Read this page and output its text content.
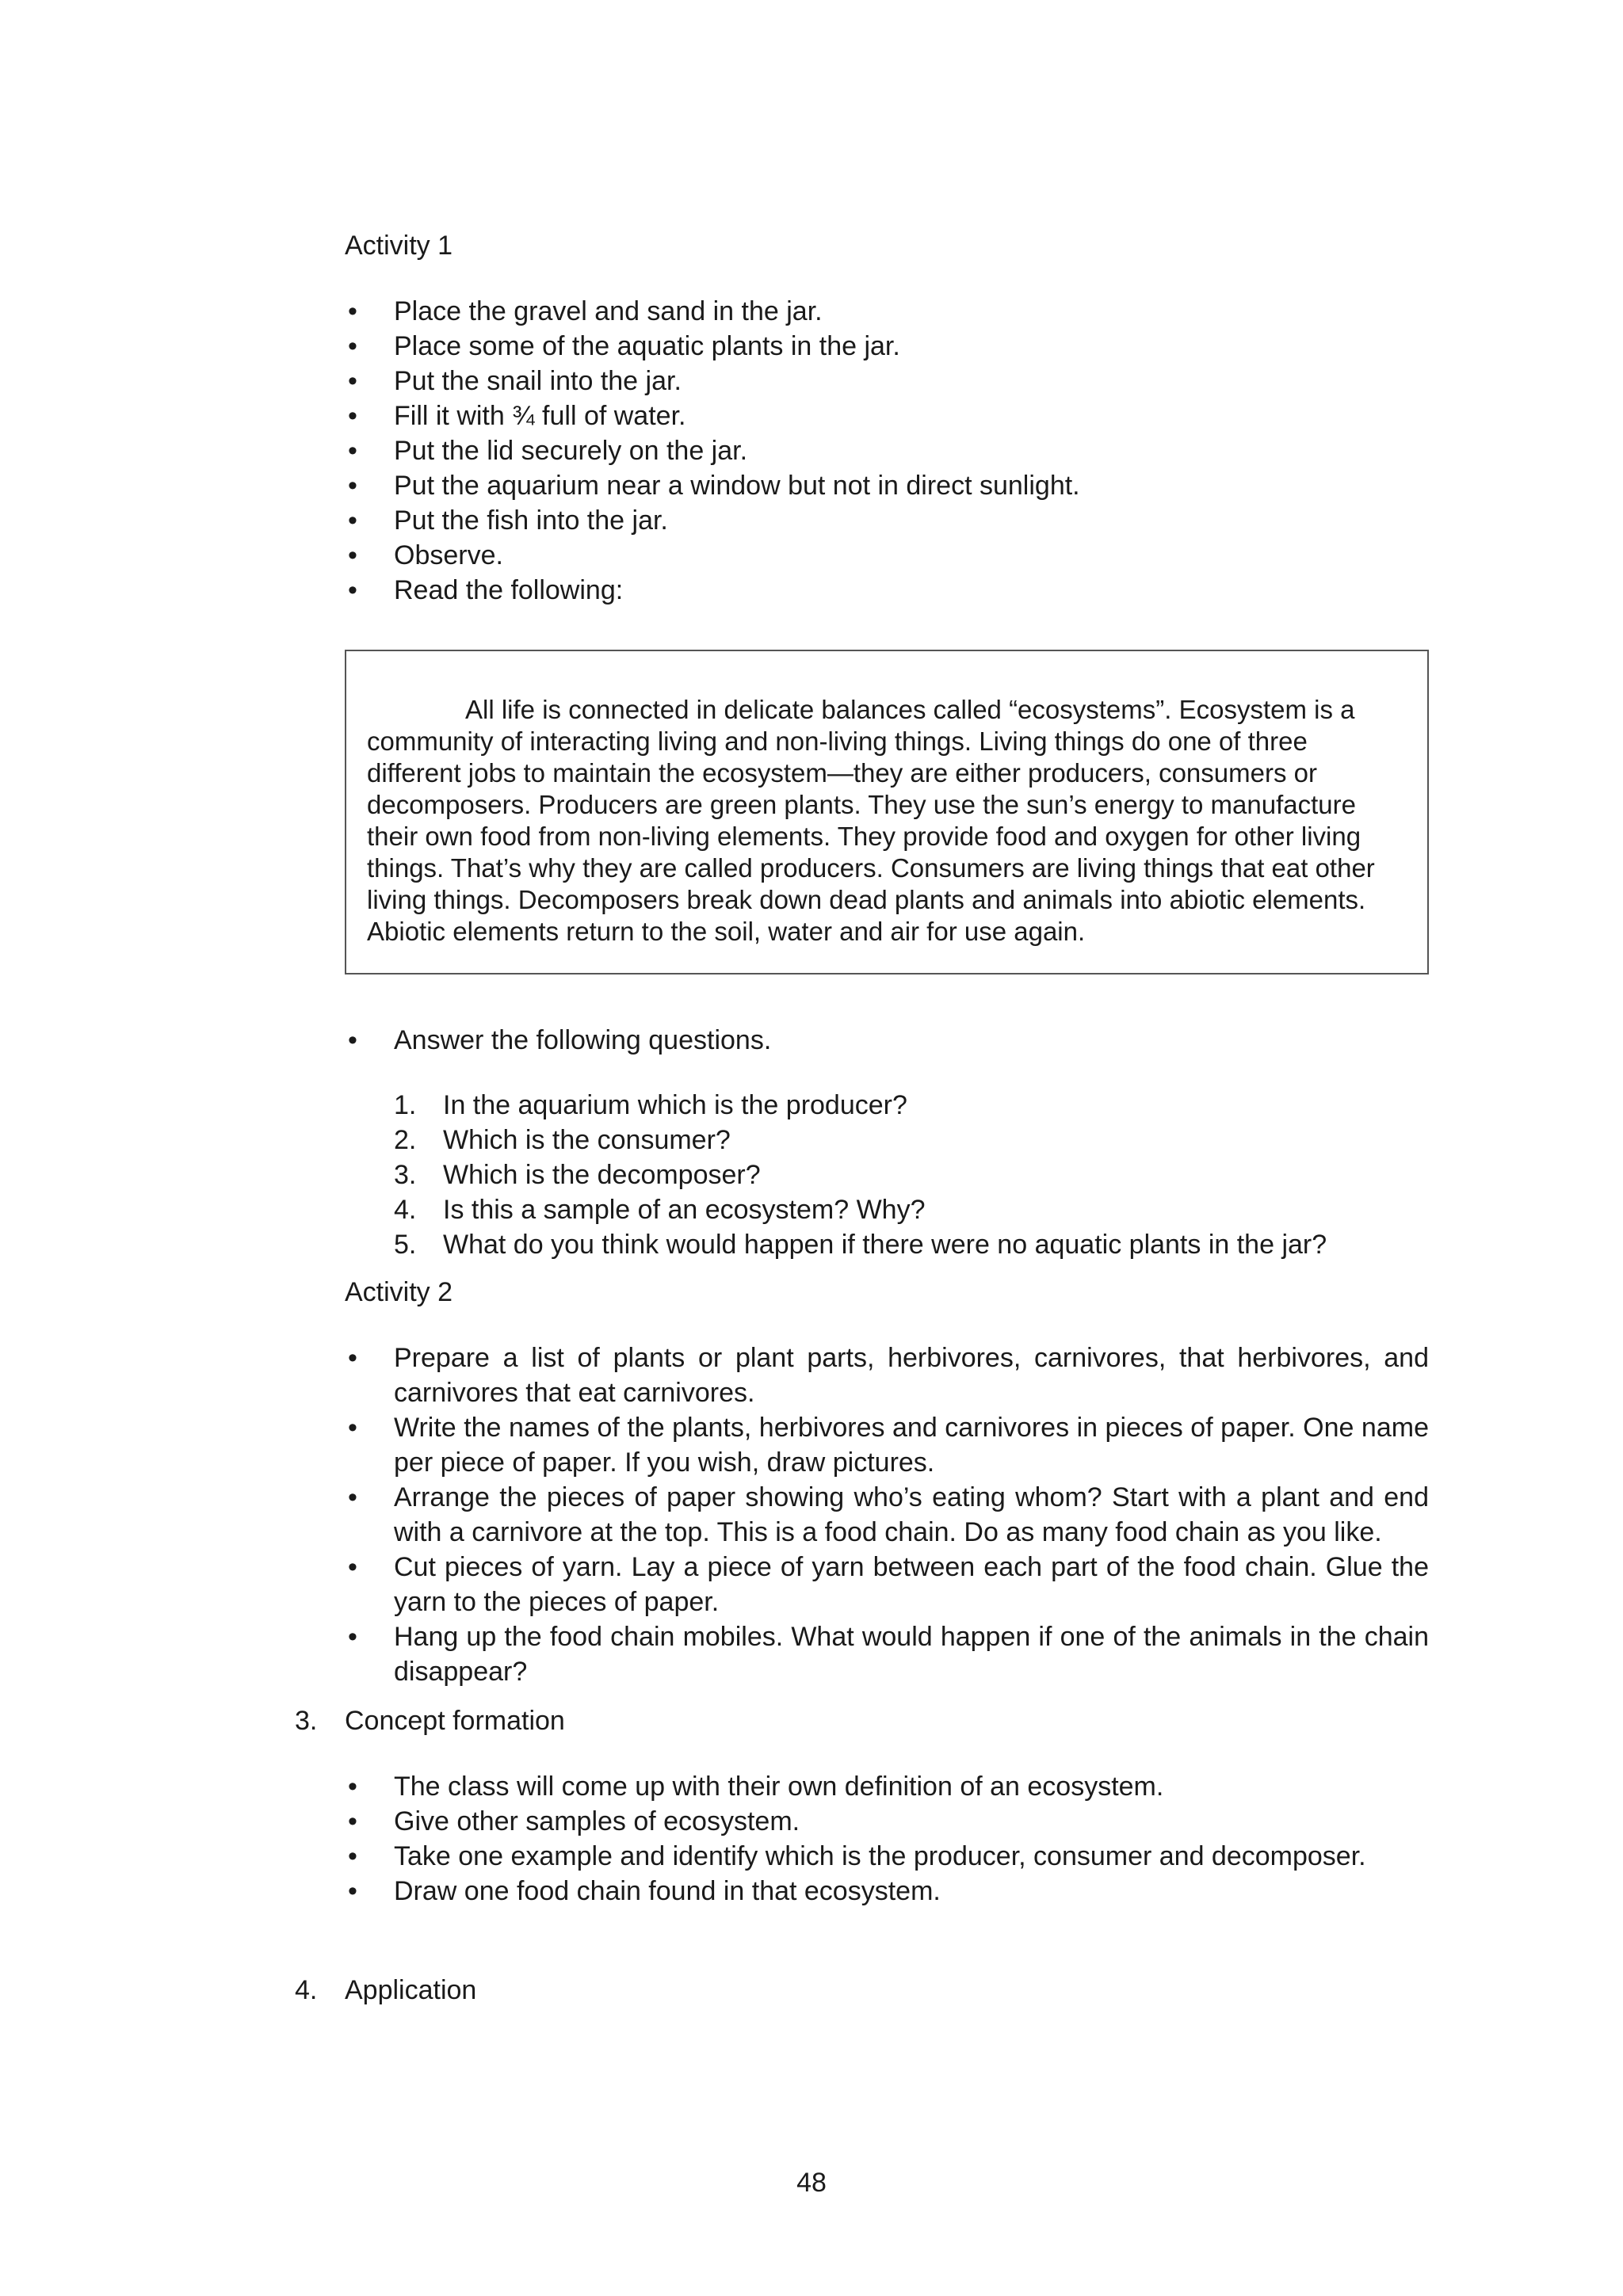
Activity 1
•	Place the gravel and sand in the jar.
•	Place some of the aquatic plants in the jar.
•	Put the snail into the jar.
•	Fill it with ¾ full of water.
•	Put the lid securely on the jar.
•	Put the aquarium near a window but not in direct sunlight.
•	Put the fish into the jar.
•	Observe.
•	Read the following:

All life is connected in delicate balances called “ecosystems”. Ecosystem is a community of interacting living and non-living things. Living things do one of three different jobs to maintain the ecosystem—they are either producers, consumers or decomposers. Producers are green plants. They use the sun’s energy to manufacture their own food from non-living elements. They provide food and oxygen for other living things. That’s why they are called producers. Consumers are living things that eat other living things. Decomposers break down dead plants and animals into abiotic elements. Abiotic elements return to the soil, water and air for use again.

•	Answer the following questions.
1. In the aquarium which is the producer?
2. Which is the consumer?
3. Which is the decomposer?
4. Is this a sample of an ecosystem? Why?
5. What do you think would happen if there were no aquatic plants in the jar?
Activity 2
•	Prepare a list of plants or plant parts, herbivores, carnivores, that herbivores, and carnivores that eat carnivores.
•	Write the names of the plants, herbivores and carnivores in pieces of paper. One name per piece of paper. If you wish, draw pictures.
•	Arrange the pieces of paper showing who’s eating whom? Start with a plant and end with a carnivore at the top. This is a food chain. Do as many food chain as you like.
•	Cut pieces of yarn. Lay a piece of yarn between each part of the food chain. Glue the yarn to the pieces of paper.
•	Hang up the food chain mobiles. What would happen if one of the animals in the chain disappear?
3. Concept formation
•	The class will come up with their own definition of an ecosystem.
•	Give other samples of ecosystem.
•	Take one example and identify which is the producer, consumer and decomposer.
•	Draw one food chain found in that ecosystem.
4. Application
48
